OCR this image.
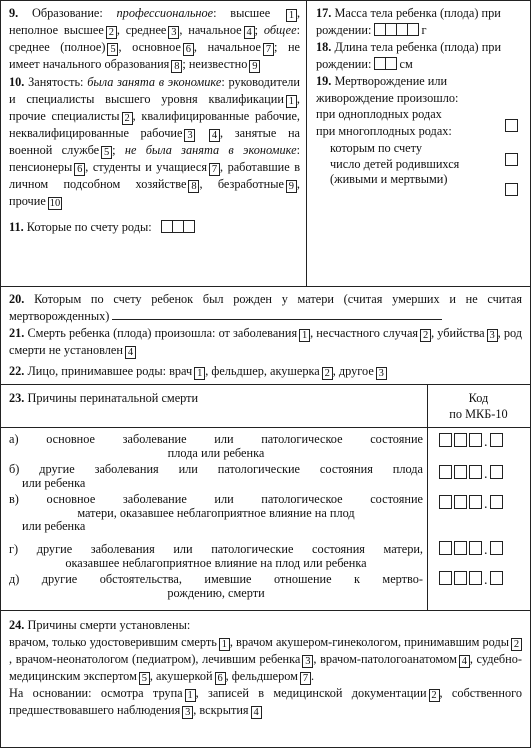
9. Образование: профессиональное: высшее 1 , неполное высшее 2 , среднее 3 , начальное 4 ; общее: среднее (полное) 5 , основное 6 , начальное 7 ; не имеет начального образования 8 ; неизвестно 9

10. Занятость: была занята в экономике: руководители и специалисты высшего уровня квалификации 1 , прочие специалисты 2 , квалифицированные рабочие, неквалифицированные рабочие 3 4 , занятые на военной службе 5 ; не была занята в экономике: пенсионеры 6 , студенты и учащиеся 7 , работавшие в личном подсобном хозяйстве 8 , безработные 9 , прочие 10

11. Которые по счету роды:

17. Масса тела ребенка (плода) при рождении:	г

18. Длина тела ребенка (плода) при рождении: см

19. Мертворождение или живорождение произошло:
при одноплодных родах
при многоплодных родах:
которым по счету

число детей родившихся (живыми и мертвыми)

20. Которым по счету ребенок был рожден у матери (считая умерших и не считая мертворожденных)
21. Смерть ребенка (плода) произошла: от заболевания 1 , несчастного случая 2 , убийства 3 , род смерти не установлен 4
22. Лицо, принимавшее роды: врач 1 , фельдшер, акушерка 2 , другое 3
23. Причины перинатальной смерти	Код
по МКБ-10
а) основное заболевание или патологическое состояние
плода или ребенка
б) другие заболевания или патологические состояния плода
или ребенка
в) основное заболевание или патологическое состояние
матери, оказавшее неблагоприятное влияние на плод
или ребенка
г) другие заболевания или патологические состояния матери,
оказавшее неблагоприятное влияние на плод или ребенка
д) другие обстоятельства, имевшие отношение к мертво-
рождению, смерти
.
.
.
.
.

24. Причины смерти установлены:

врачом, только удостоверившим смерть 1 , врачом акушером-гинекологом, принимавшим роды 2, врачом-неонатологом (педиатром), лечившим ребенка 3 , врачом-патологоанатомом 4 , судебно-медицинским экспертом 5 , акушеркой 6 , фельдшером 7 .

На основании: осмотра трупа 1 , записей в медицинской документации 2 , собственного предшествовавшего наблюдения 3 , вскрытия 4
